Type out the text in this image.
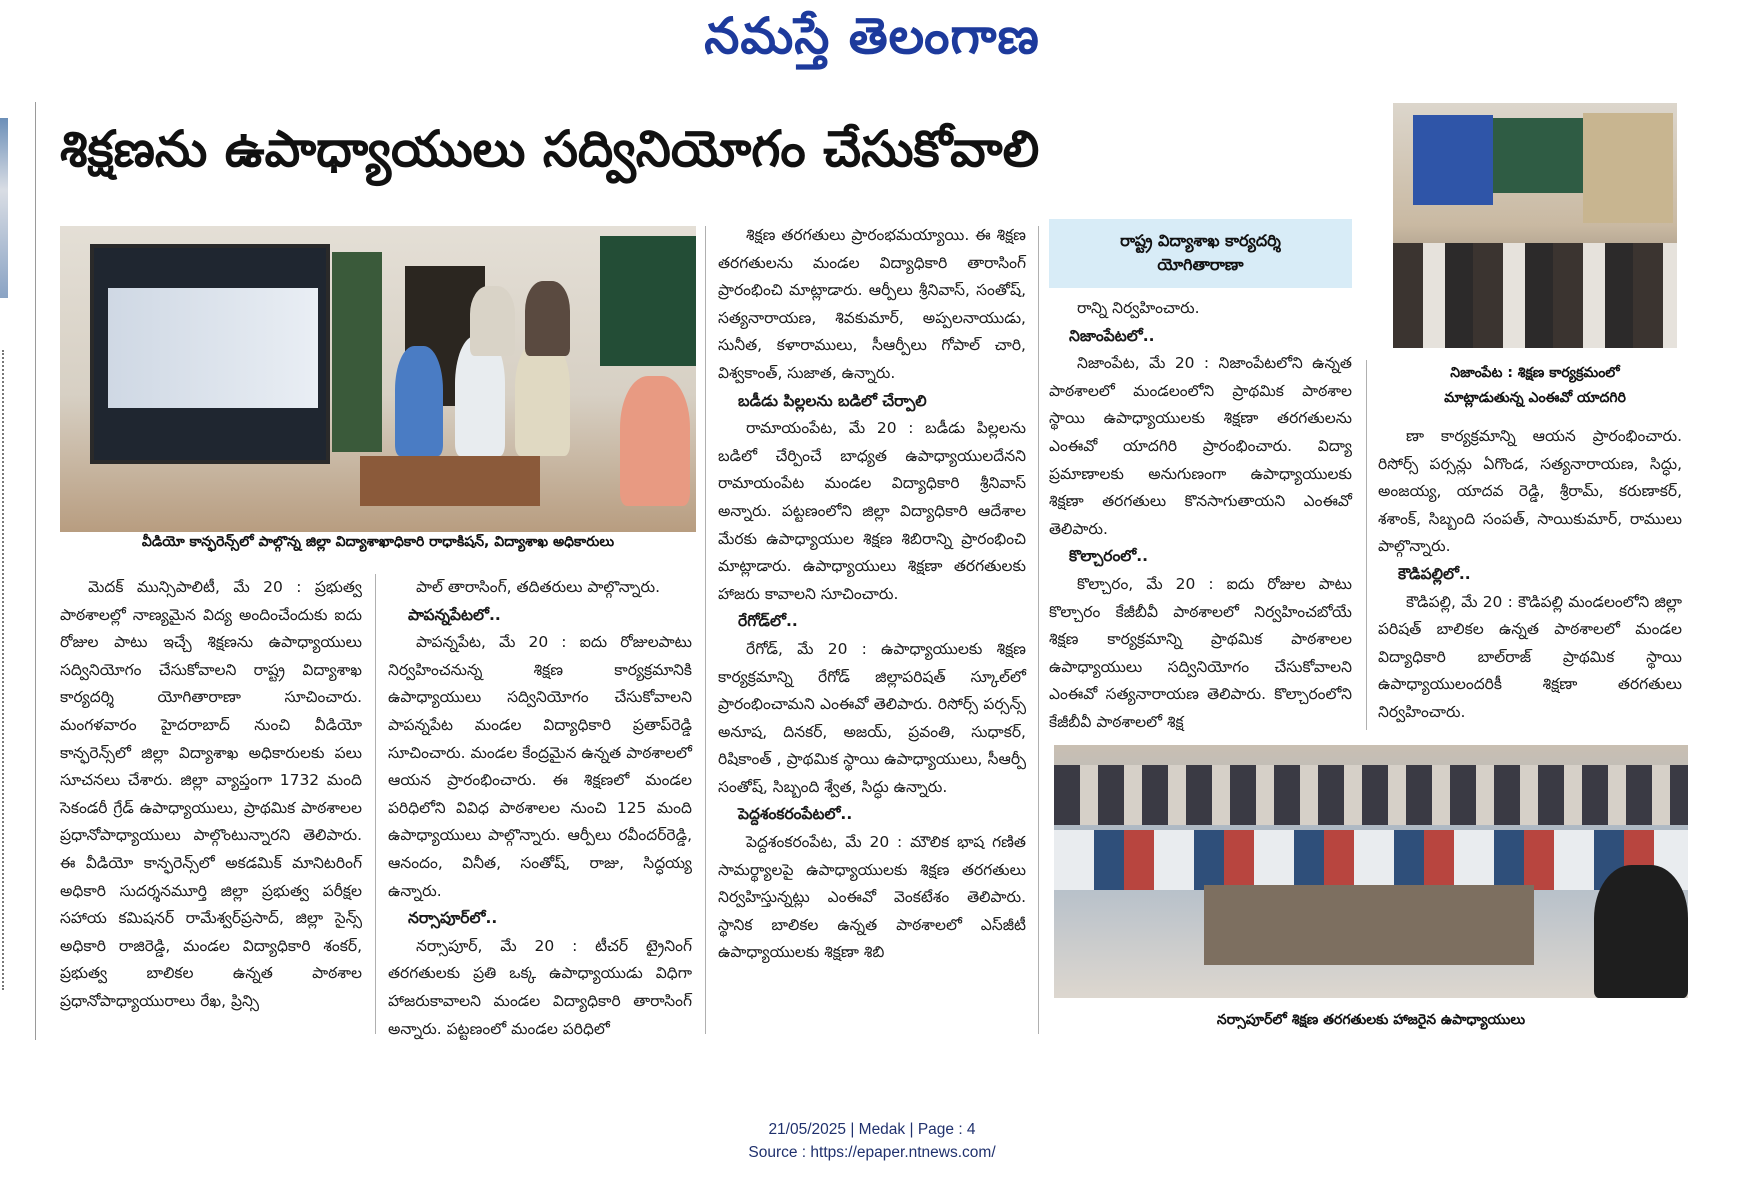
నమస్తే తెలంగాణ
శిక్షణను ఉపాధ్యాయులు సద్వినియోగం చేసుకోవాలి
వీడియో కాన్ఫరెన్స్‌లో పాల్గొన్న జిల్లా విద్యాశాఖాధికారి రాధాకిషన్, విద్యాశాఖ అధికారులు
నిజాంపేట : శిక్షణ కార్యక్రమంలో
మాట్లాడుతున్న ఎంఈవో యాదగిరి
రాష్ట్ర విద్యాశాఖ కార్యదర్శి
యోగితారాణా
నర్సాపూర్‌లో శిక్షణ తరగతులకు హాజరైన ఉపాధ్యాయులు

మెదక్ మున్సిపాలిటీ, మే 20 : ప్రభుత్వ పాఠశాలల్లో నాణ్యమైన విద్య అందించేందుకు ఐదు రోజుల పాటు ఇచ్చే శిక్షణను ఉపాధ్యాయులు సద్వినియోగం చేసుకోవాలని రాష్ట్ర విద్యాశాఖ కార్యదర్శి యోగితారాణా సూచించారు. మంగళవారం హైదరాబాద్ నుంచి వీడియో కాన్ఫరెన్స్‌లో జిల్లా విద్యాశాఖ అధికారులకు పలు సూచనలు చేశారు. జిల్లా వ్యాప్తంగా 1732 మంది సెకండరీ గ్రేడ్ ఉపాధ్యాయులు, ప్రాథమిక పాఠశాలల ప్రధానోపాధ్యాయులు పాల్గొంటున్నారని తెలిపారు. ఈ వీడియో కాన్ఫరెన్స్‌లో అకడమిక్ మానిటరింగ్ అధికారి సుదర్శనమూర్తి జిల్లా ప్రభుత్వ పరీక్షల సహాయ కమిషనర్ రామేశ్వర్‌ప్రసాద్, జిల్లా సైన్స్ అధికారి రాజిరెడ్డి, మండల విద్యాధికారి శంకర్, ప్రభుత్వ బాలికల ఉన్నత పాఠశాల ప్రధానోపాధ్యాయురాలు రేఖ, ప్రిన్సి

పాల్ తారాసింగ్, తదితరులు పాల్గొన్నారు.

పాపన్నపేటలో..

పాపన్నపేట, మే 20 : ఐదు రోజులపాటు నిర్వహించనున్న శిక్షణ కార్యక్రమానికి ఉపాధ్యాయులు సద్వినియోగం చేసుకోవాలని పాపన్నపేట మండల విద్యాధికారి ప్రతాప్‌రెడ్డి సూచించారు. మండల కేంద్రమైన ఉన్నత పాఠశాలలో ఆయన ప్రారంభించారు. ఈ శిక్షణలో మండల పరిధిలోని వివిధ పాఠశాలల నుంచి 125 మంది ఉపాధ్యాయులు పాల్గొన్నారు. ఆర్పీలు రవీందర్‌రెడ్డి, ఆనందం, వినీత, సంతోష్, రాజు, సిద్ధయ్య ఉన్నారు.

నర్సాపూర్‌లో..

నర్సాపూర్, మే 20 : టీచర్ ట్రైనింగ్ తరగతులకు ప్రతి ఒక్క ఉపాధ్యాయుడు విధిగా హాజరుకావాలని మండల విద్యాధికారి తారాసింగ్ అన్నారు. పట్టణంలో మండల పరిధిలో

శిక్షణ తరగతులు ప్రారంభమయ్యాయి. ఈ శిక్షణ తరగతులను మండల విద్యాధికారి తారాసింగ్ ప్రారంభించి మాట్లాడారు. ఆర్పీలు శ్రీనివాస్, సంతోష్, సత్యనారాయణ, శివకుమార్, అప్పలనాయుడు, సునీత, కళారాములు, సీఆర్పీలు గోపాల్ చారి, విశ్వకాంత్, సుజాత, ఉన్నారు.

బడీడు పిల్లలను బడిలో చేర్పాలి

రామాయంపేట, మే 20 : బడీడు పిల్లలను బడిలో చేర్పించే బాధ్యత ఉపాధ్యాయులదేనని రామాయంపేట మండల విద్యాధికారి శ్రీనివాస్ అన్నారు. పట్టణంలోని జిల్లా విద్యాధికారి ఆదేశాల మేరకు ఉపాధ్యాయుల శిక్షణ శిబిరాన్ని ప్రారంభించి మాట్లాడారు. ఉపాధ్యాయులు శిక్షణా తరగతులకు హాజరు కావాలని సూచించారు.

రేగోడ్‌లో..

రేగోడ్, మే 20 : ఉపాధ్యాయులకు శిక్షణ కార్యక్రమాన్ని రేగోడ్ జిల్లాపరిషత్ స్కూల్‌లో ప్రారంభించామని ఎంఈవో తెలిపారు. రిసోర్స్ పర్సన్స్ అనూష, దినకర్, అజయ్, ప్రవంతి, సుధాకర్, రిషికాంత్ , ప్రాథమిక స్థాయి ఉపాధ్యాయులు, సీఆర్పీ సంతోష్, సిబ్బంది శ్వేత, సిద్ధు ఉన్నారు.

పెద్దశంకరంపేటలో..

పెద్దశంకరంపేట, మే 20 : మౌలిక భాష గణిత సామర్థ్యాలపై ఉపాధ్యాయులకు శిక్షణ తరగతులు నిర్వహిస్తున్నట్లు ఎంఈవో వెంకటేశం తెలిపారు. స్థానిక బాలికల ఉన్నత పాఠశాలలో ఎస్‌జీటీ ఉపాధ్యాయులకు శిక్షణా శిబి

రాన్ని నిర్వహించారు.

నిజాంపేటలో..

నిజాంపేట, మే 20 : నిజాంపేటలోని ఉన్నత పాఠశాలలో మండలంలోని ప్రాథమిక పాఠశాల స్థాయి ఉపాధ్యాయులకు శిక్షణా తరగతులను ఎంఈవో యాదగిరి ప్రారంభించారు. విద్యా ప్రమాణాలకు అనుగుణంగా ఉపాధ్యాయులకు శిక్షణా తరగతులు కొనసాగుతాయని ఎంఈవో తెలిపారు.

కొల్చారంలో..

కొల్చారం, మే 20 : ఐదు రోజుల పాటు కొల్చారం కేజీబీవీ పాఠశాలలో నిర్వహించబోయే శిక్షణ కార్యక్రమాన్ని ప్రాథమిక పాఠశాలల ఉపాధ్యాయులు సద్వినియోగం చేసుకోవాలని ఎంఈవో సత్యనారాయణ తెలిపారు. కొల్చారంలోని కేజీబీవీ పాఠశాలలో శిక్ష

ణా కార్యక్రమాన్ని ఆయన ప్రారంభించారు. రిసోర్స్ పర్సన్లు ఏగొండ, సత్యనారాయణ, సిద్ధు, అంజయ్య, యాదవ రెడ్డి, శ్రీరామ్, కరుణాకర్, శశాంక్, సిబ్బంది సంపత్, సాయికుమార్, రాములు పాల్గొన్నారు.

కౌడిపల్లిలో..

కౌడిపల్లి, మే 20 : కౌడిపల్లి మండలంలోని జిల్లా పరిషత్ బాలికల ఉన్నత పాఠశాలలో మండల విద్యాధికారి బాల్‌రాజ్ ప్రాథమిక స్థాయి ఉపాధ్యాయులందరికీ శిక్షణా తరగతులు నిర్వహించారు.

21/05/2025 | Medak | Page : 4
Source : https://epaper.ntnews.com/
